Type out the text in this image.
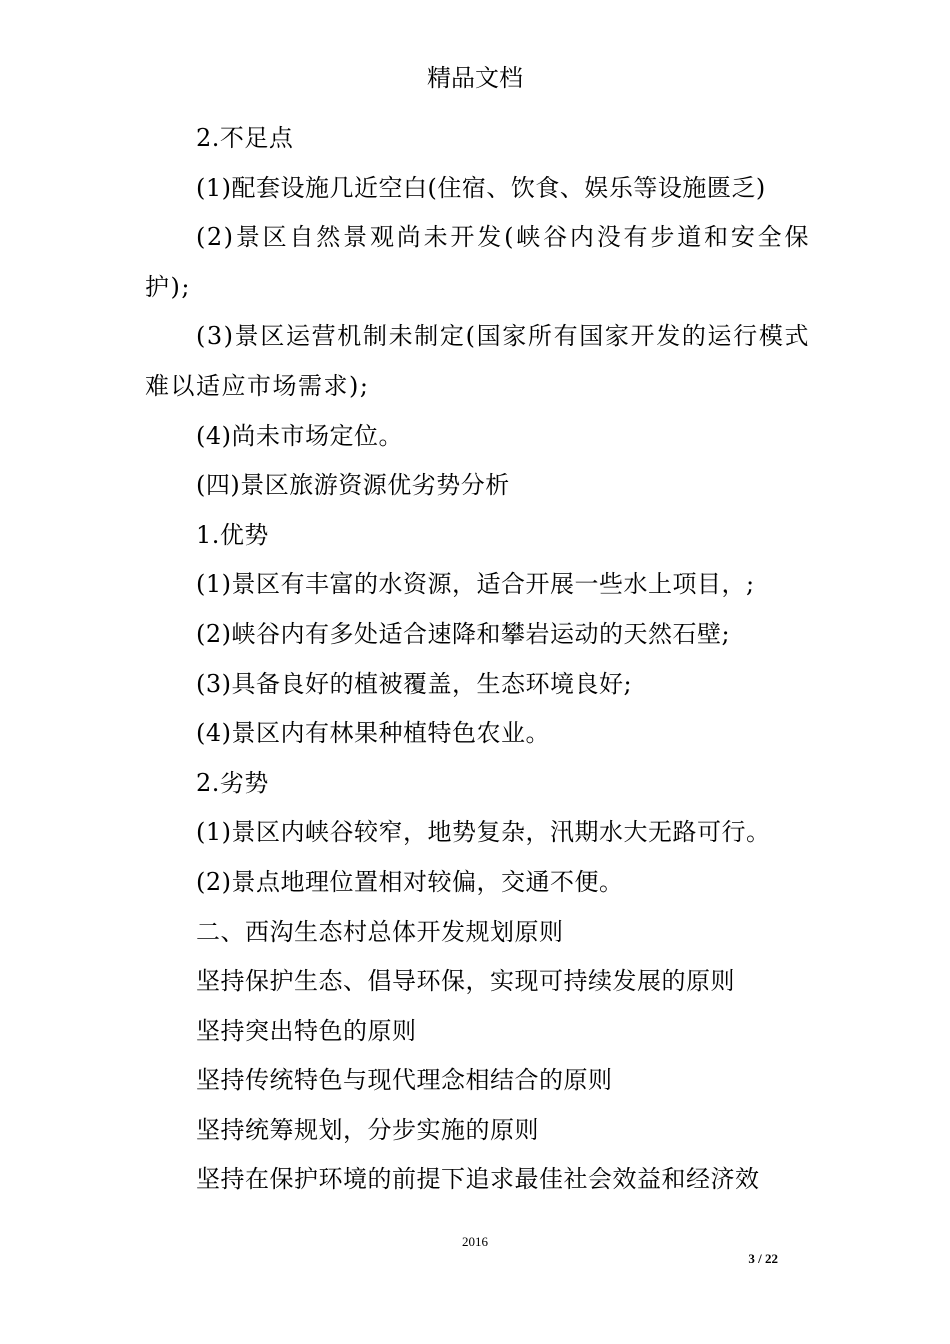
精品文档

2.不足点

(1)配套设施几近空白(住宿、饮食、娱乐等设施匮乏)

(2)景区自然景观尚未开发(峡谷内没有步道和安全保护);

(3)景区运营机制未制定(国家所有国家开发的运行模式难以适应市场需求);

(4)尚未市场定位。

(四)景区旅游资源优劣势分析

1.优势

(1)景区有丰富的水资源，适合开展一些水上项目，;

(2)峡谷内有多处适合速降和攀岩运动的天然石壁;

(3)具备良好的植被覆盖，生态环境良好;

(4)景区内有林果种植特色农业。

2.劣势

(1)景区内峡谷较窄，地势复杂，汛期水大无路可行。

(2)景点地理位置相对较偏，交通不便。

二、西沟生态村总体开发规划原则

坚持保护生态、倡导环保，实现可持续发展的原则

坚持突出特色的原则

坚持传统特色与现代理念相结合的原则

坚持统筹规划，分步实施的原则

坚持在保护环境的前提下追求最佳社会效益和经济效

2016
3 / 22
